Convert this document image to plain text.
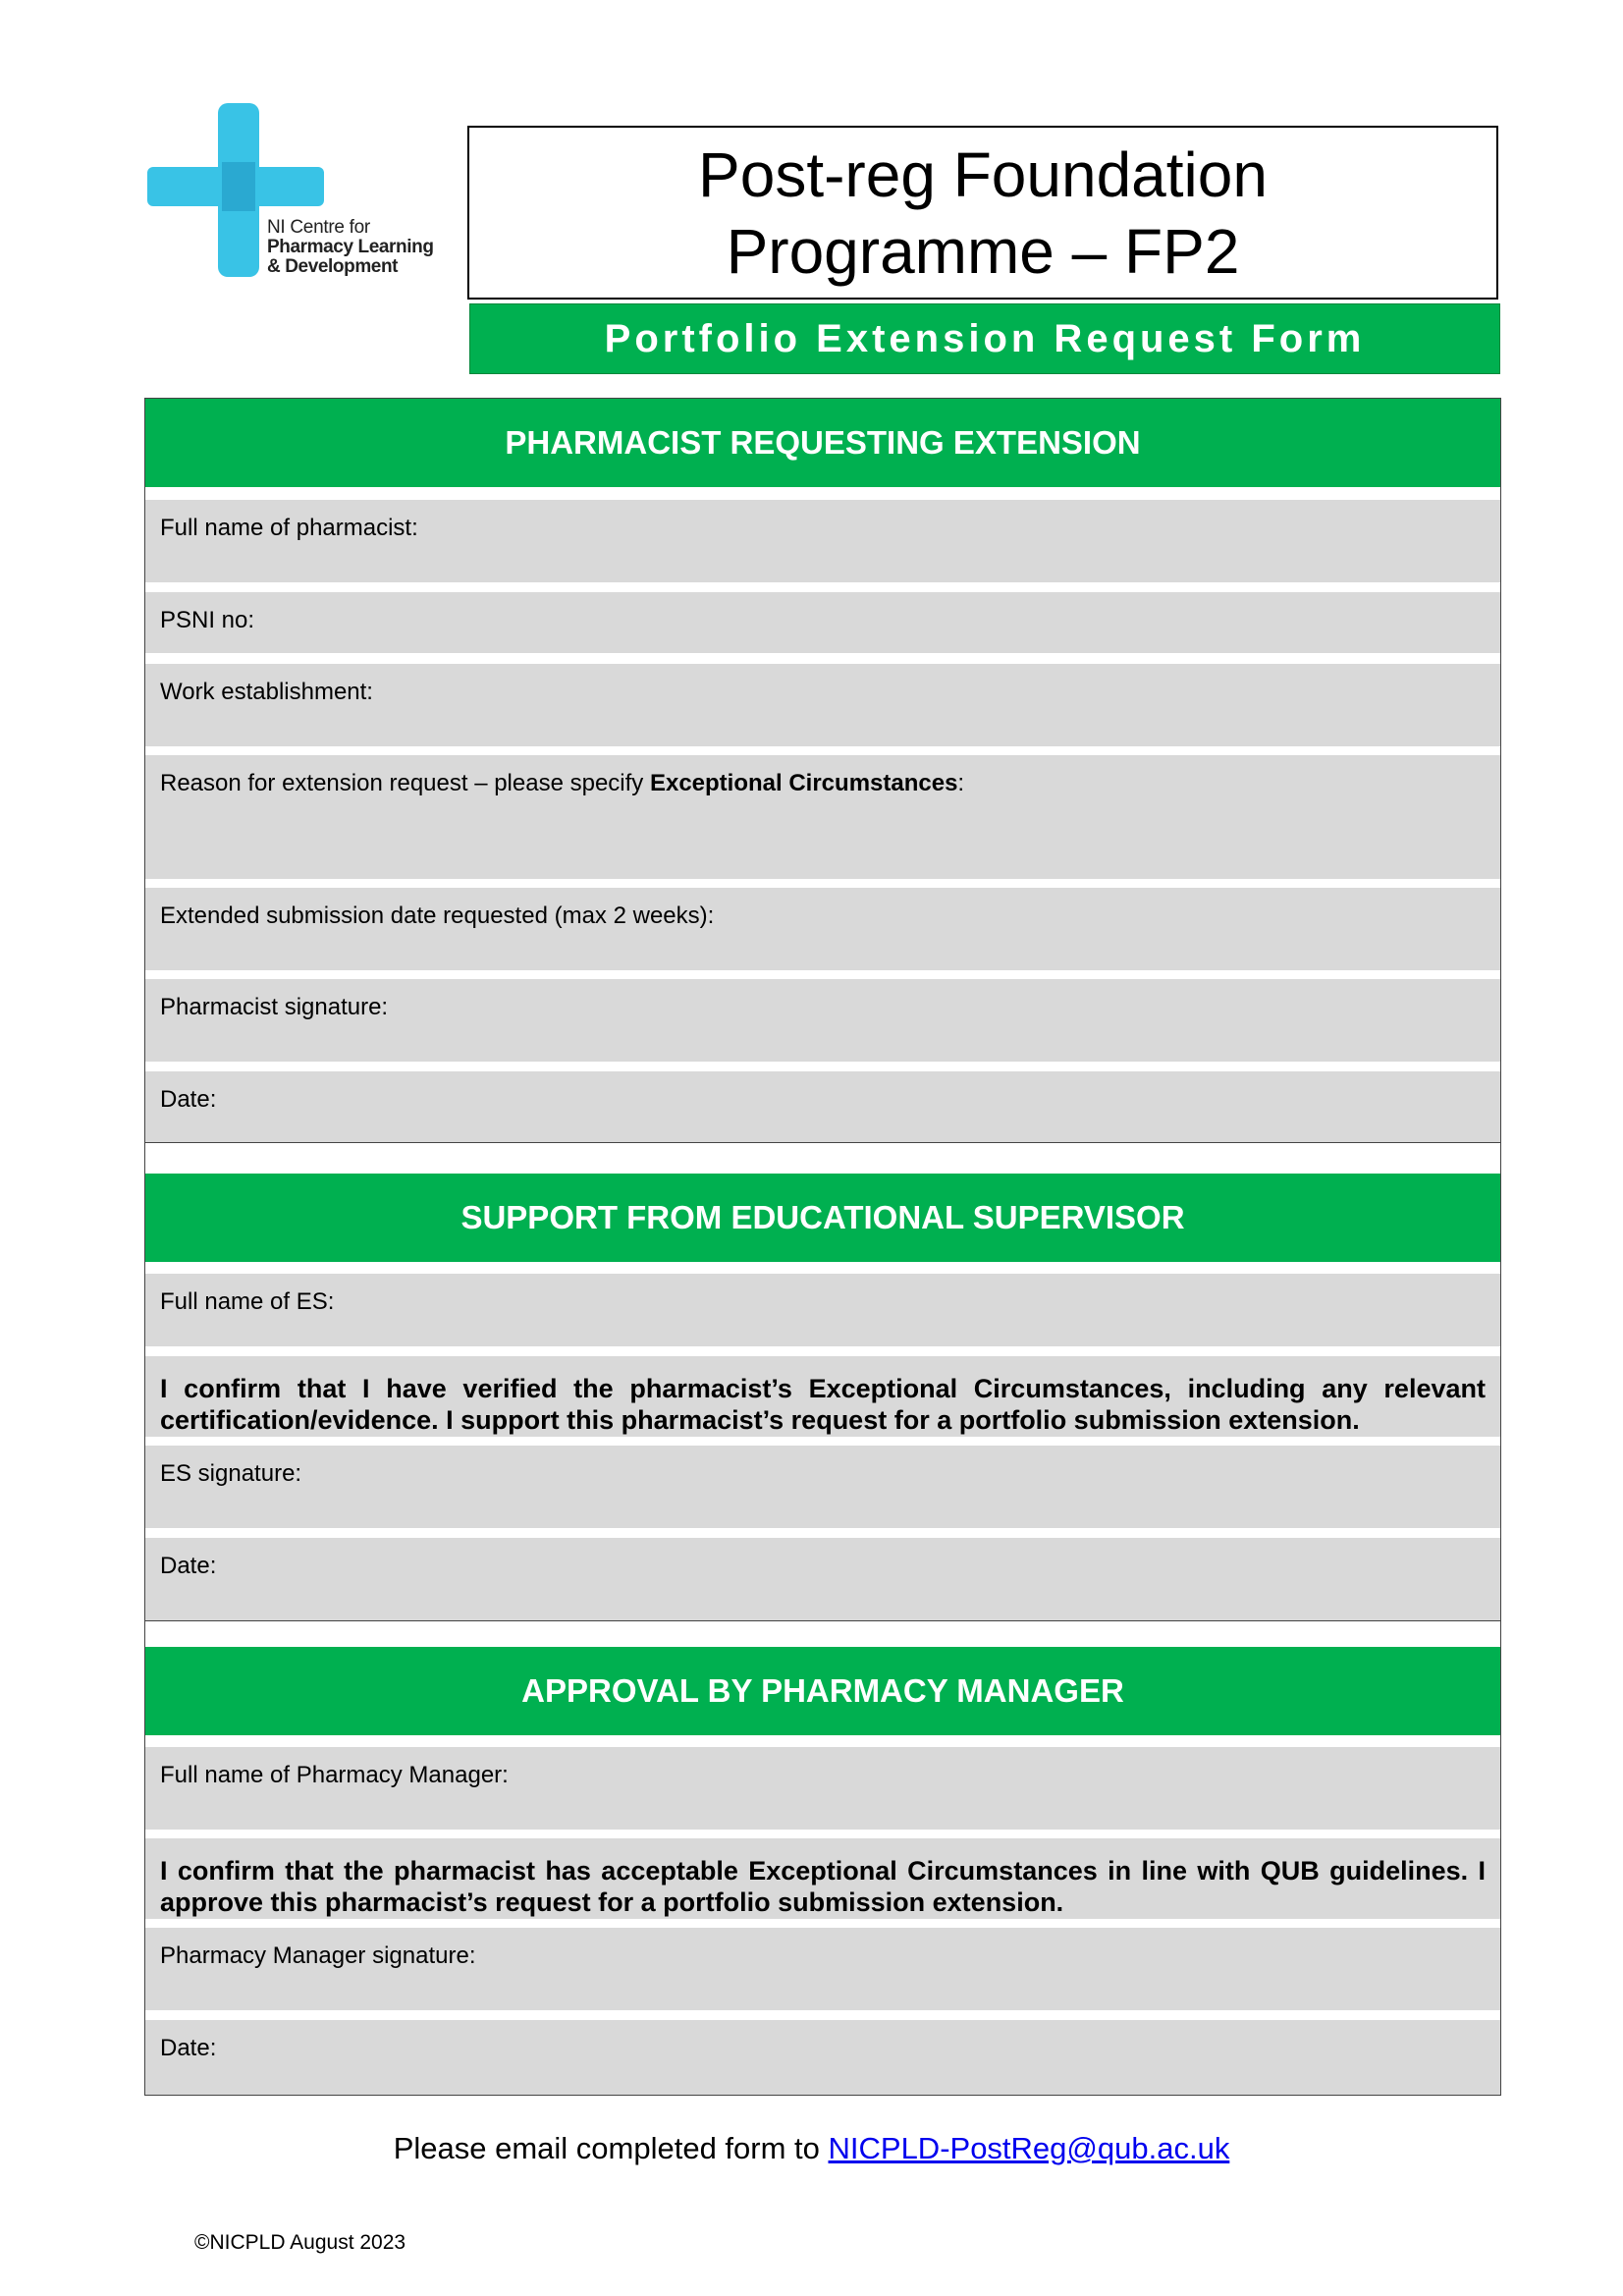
NI Centre for
Pharmacy Learning
& Development
Post-reg Foundation
Programme – FP2
Portfolio Extension Request Form
PHARMACIST REQUESTING EXTENSION
Full name of pharmacist:
PSNI no:
Work establishment:
Reason for extension request – please specify Exceptional Circumstances:
Extended submission date requested (max 2 weeks):
Pharmacist signature:
Date:
SUPPORT FROM EDUCATIONAL SUPERVISOR
Full name of ES:
I confirm that I have verified the pharmacist’s Exceptional Circumstances, including any relevant certification/evidence. I support this pharmacist’s request for a portfolio submission extension.
ES signature:
Date:
APPROVAL BY PHARMACY MANAGER
Full name of Pharmacy Manager:
I confirm that the pharmacist has acceptable Exceptional Circumstances in line with QUB guidelines. I approve this pharmacist’s request for a portfolio submission extension.
Pharmacy Manager signature:
Date:
Please email completed form to NICPLD-PostReg@qub.ac.uk
©NICPLD August 2023
